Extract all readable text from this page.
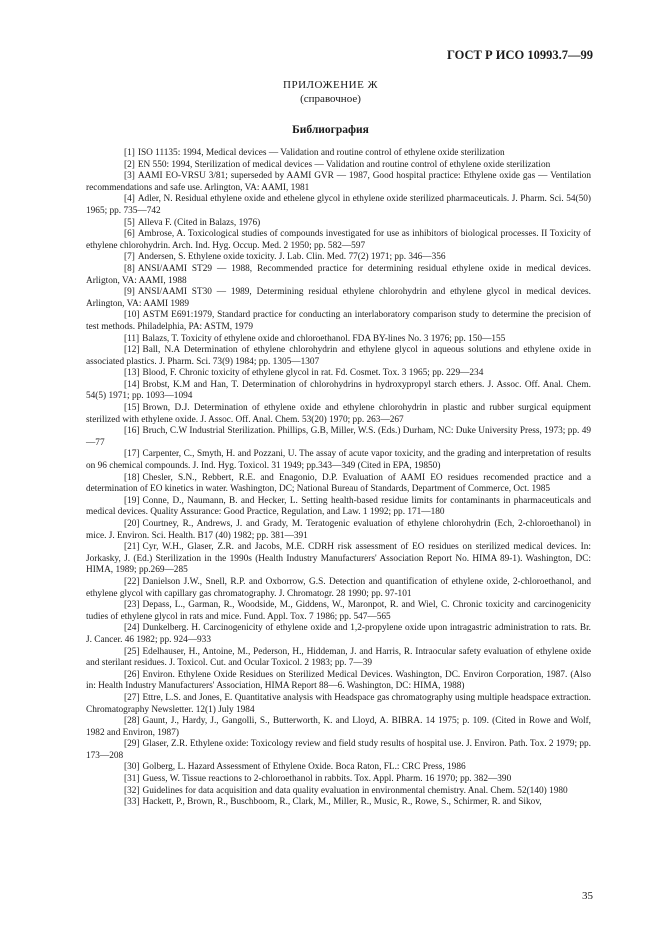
ГОСТ Р ИСО 10993.7—99
ПРИЛОЖЕНИЕ Ж
(справочное)
Библиография

[1] ISO 11135: 1994, Medical devices — Validation and routine control of ethylene oxide sterilization

[2] EN 550: 1994, Sterilization of medical devices — Validation and routine control of ethylene oxide sterilization

[3] AAMI EO-VRSU 3/81; superseded by AAMI GVR — 1987, Good hospital practice: Ethylene oxide gas — Ventilation recommendations and safe use. Arlington, VA: AAMI, 1981

[4] Adler, N. Residual ethylene oxide and ethelene glycol in ethylene oxide sterilized pharmaceuticals. J. Pharm. Sci. 54(50) 1965; pp. 735—742

[5] Alleva F. (Cited in Balazs, 1976)

[6] Ambrose, A. Toxicological studies of compounds investigated for use as inhibitors of biological processes. II Toxicity of ethylene chlorohydrin. Arch. Ind. Hyg. Occup. Med. 2 1950; pp. 582—597

[7] Andersen, S. Ethylene oxide toxicity. J. Lab. Clin. Med. 77(2) 1971; pp. 346—356

[8] ANSI/AAMI ST29 — 1988, Recommended practice for determining residual ethylene oxide in medical devices. Arligton, VA: AAMI, 1988

[9] ANSI/AAMI ST30 — 1989, Determining residual ethylene chlorohydrin and ethylene glycol in medical devices. Arlington, VA: AAMI 1989

[10] ASTM E691:1979, Standard practice for conducting an interlaboratory comparison study to determine the precision of test methods. Philadelphia, PA: ASTM, 1979

[11] Balazs, T. Toxicity of ethylene oxide and chloroethanol. FDA BY-lines No. 3 1976; pp. 150—155

[12] Ball, N.A Determination of ethylene chlorohydrin and ethylene glycol in aqueous solutions and ethylene oxide in associated plastics. J. Pharm. Sci. 73(9) 1984; pp. 1305—1307

[13] Blood, F. Chronic toxicity of ethylene glycol in rat. Fd. Cosmet. Tox. 3 1965; pp. 229—234

[14] Brobst, K.M and Han, T. Determination of chlorohydrins in hydroxypropyl starch ethers. J. Assoc. Off. Anal. Chem. 54(5) 1971; pp. 1093—1094

[15] Brown, D.J. Determination of ethylene oxide and ethylene chlorohydrin in plastic and rubber surgical equipment sterilized with ethylene oxide. J. Assoc. Off. Anal. Chem. 53(20) 1970; pp. 263—267

[16] Bruch, C.W Industrial Sterilization. Phillips, G.B, Miller, W.S. (Eds.) Durham, NC: Duke University Press, 1973; pp. 49—77

[17] Carpenter, C., Smyth, H. and Pozzani, U. The assay of acute vapor toxicity, and the grading and interpretation of results on 96 chemical compounds. J. Ind. Hyg. Toxicol. 31 1949; pp.343—349 (Cited in EPA, 19850)

[18] Chesler, S.N., Rebbert, R.E. and Enagonio, D.P. Evaluation of AAMI EO residues recomended practice and a determination of EO kinetics in water. Washington, DC; National Bureau of Standards, Department of Commerce, Oct. 1985

[19] Conne, D., Naumann, B. and Hecker, L. Setting health-based residue limits for contaminants in pharmaceuticals and medical devices. Quality Assurance: Good Practice, Regulation, and Law. 1 1992; pp. 171—180

[20] Courtney, R., Andrews, J. and Grady, M. Teratogenic evaluation of ethylene chlorohydrin (Ech, 2-chloroethanol) in mice. J. Environ. Sci. Health. B17 (40) 1982; pp. 381—391

[21] Cyr, W.H., Glaser, Z.R. and Jacobs, M.E. CDRH risk assessment of EO residues on sterilized medical devices. In: Jorkasky, J. (Ed.) Sterilization in the 1990s (Health Industry Manufacturers' Association Report No. HIMA 89-1). Washington, DC: HIMA, 1989; pp.269—285

[22] Danielson J.W., Snell, R.P. and Oxborrow, G.S. Detection and quantification of ethylene oxide, 2-chloroethanol, and ethylene glycol with capillary gas chromatography. J. Chromatogr. 28 1990; pp. 97-101

[23] Depass, L., Garman, R., Woodside, M., Giddens, W., Maronpot, R. and Wiel, C. Chronic toxicity and carcinogenicity tudies of ethylene glycol in rats and mice. Fund. Appl. Tox. 7 1986; pp. 547—565

[24] Dunkelberg. H. Carcinogenicity of ethylene oxide and 1,2-propylene oxide upon intragastric administration to rats. Br. J. Cancer. 46 1982; pp. 924—933

[25] Edelhauser, H., Antoine, M., Pederson, H., Hiddeman, J. and Harris, R. Intraocular safety evaluation of ethylene oxide and sterilant residues. J. Toxicol. Cut. and Ocular Toxicol. 2 1983; pp. 7—39

[26] Environ. Ethylene Oxide Residues on Sterilized Medical Devices. Washington, DC. Environ Corporation, 1987. (Also in: Health Industry Manufacturers' Association, HIMA Report 88—6. Washington, DC: HIMA, 1988)

[27] Ettre, L.S. and Jones, E. Quantitative analysis with Headspace gas chromatography using multiple headspace extraction. Chromatography Newsletter. 12(1) July 1984

[28] Gaunt, J., Hardy, J., Gangolli, S., Butterworth, K. and Lloyd, A. BIBRA. 14 1975; p. 109. (Cited in Rowe and Wolf, 1982 and Environ, 1987)

[29] Glaser, Z.R. Ethylene oxide: Toxicology review and field study results of hospital use. J. Environ. Path. Tox. 2 1979; pp. 173—208

[30] Golberg, L. Hazard Assessment of Ethylene Oxide. Boca Raton, FL.: CRC Press, 1986

[31] Guess, W. Tissue reactions to 2-chloroethanol in rabbits. Tox. Appl. Pharm. 16 1970; pp. 382—390

[32] Guidelines for data acquisition and data quality evaluation in environmental chemistry. Anal. Chem. 52(140) 1980

[33] Hackett, P., Brown, R., Buschboom, R., Clark, M., Miller, R., Music, R., Rowe, S., Schirmer, R. and Sikov,

35
